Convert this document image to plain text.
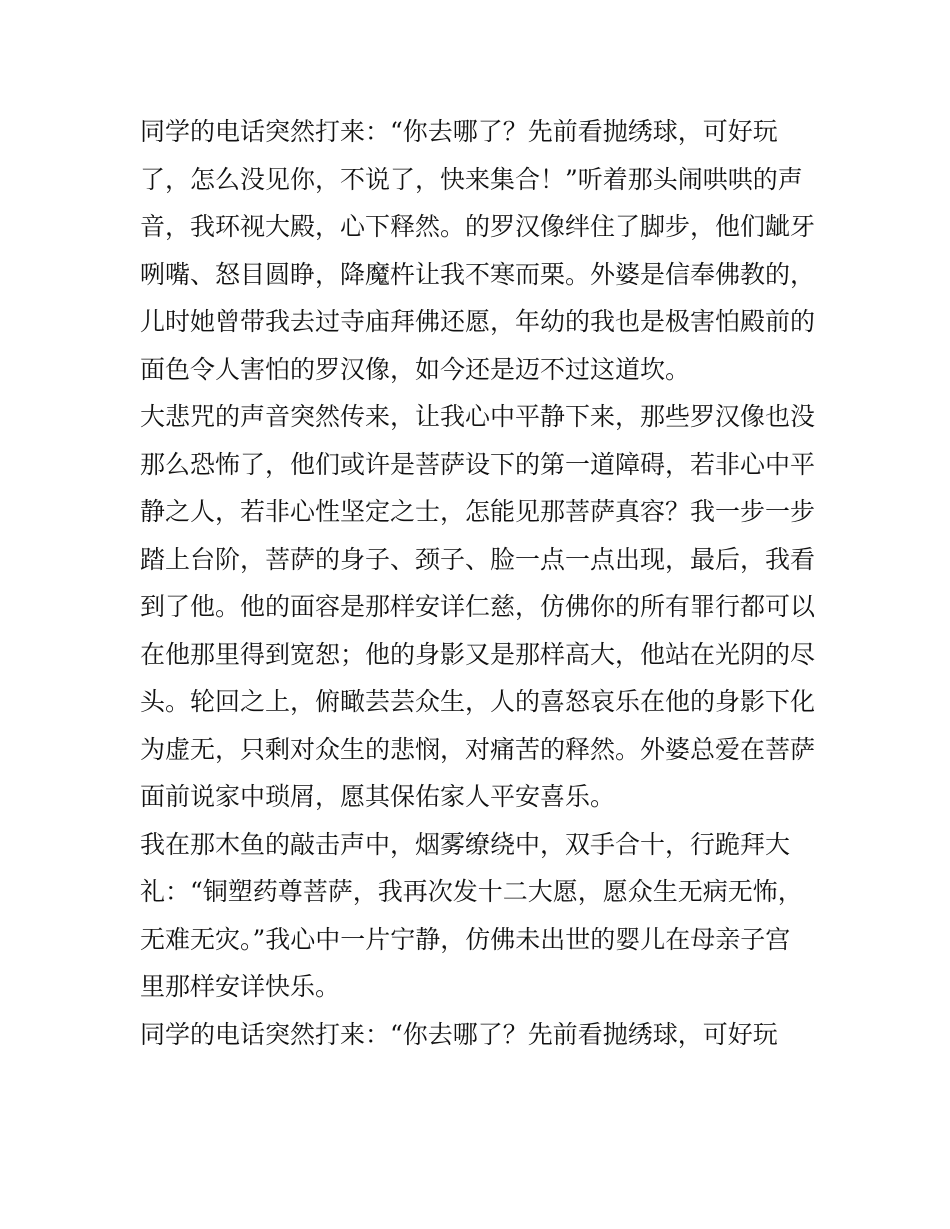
同学的电话突然打来：“你去哪了？先前看抛绣球，可好玩
了，怎么没见你，不说了，快来集合！”听着那头闹哄哄的声
音，我环视大殿，心下释然。的罗汉像绊住了脚步，他们龇牙
咧嘴、怒目圆睁，降魔杵让我不寒而栗。外婆是信奉佛教的，
儿时她曾带我去过寺庙拜佛还愿，年幼的我也是极害怕殿前的
面色令人害怕的罗汉像，如今还是迈不过这道坎。
大悲咒的声音突然传来，让我心中平静下来，那些罗汉像也没
那么恐怖了，他们或许是菩萨设下的第一道障碍，若非心中平
静之人，若非心性坚定之士，怎能见那菩萨真容？我一步一步
踏上台阶，菩萨的身子、颈子、脸一点一点出现，最后，我看
到了他。他的面容是那样安详仁慈，仿佛你的所有罪行都可以
在他那里得到宽恕；他的身影又是那样高大，他站在光阴的尽
头。轮回之上，俯瞰芸芸众生，人的喜怒哀乐在他的身影下化
为虚无，只剩对众生的悲悯，对痛苦的释然。外婆总爱在菩萨
面前说家中琐屑，愿其保佑家人平安喜乐。
我在那木鱼的敲击声中，烟雾缭绕中，双手合十，行跪拜大
礼：“铜塑药尊菩萨，我再次发十二大愿，愿众生无病无怖，
无难无灾。”我心中一片宁静，仿佛未出世的婴儿在母亲子宫
里那样安详快乐。
同学的电话突然打来：“你去哪了？先前看抛绣球，可好玩
